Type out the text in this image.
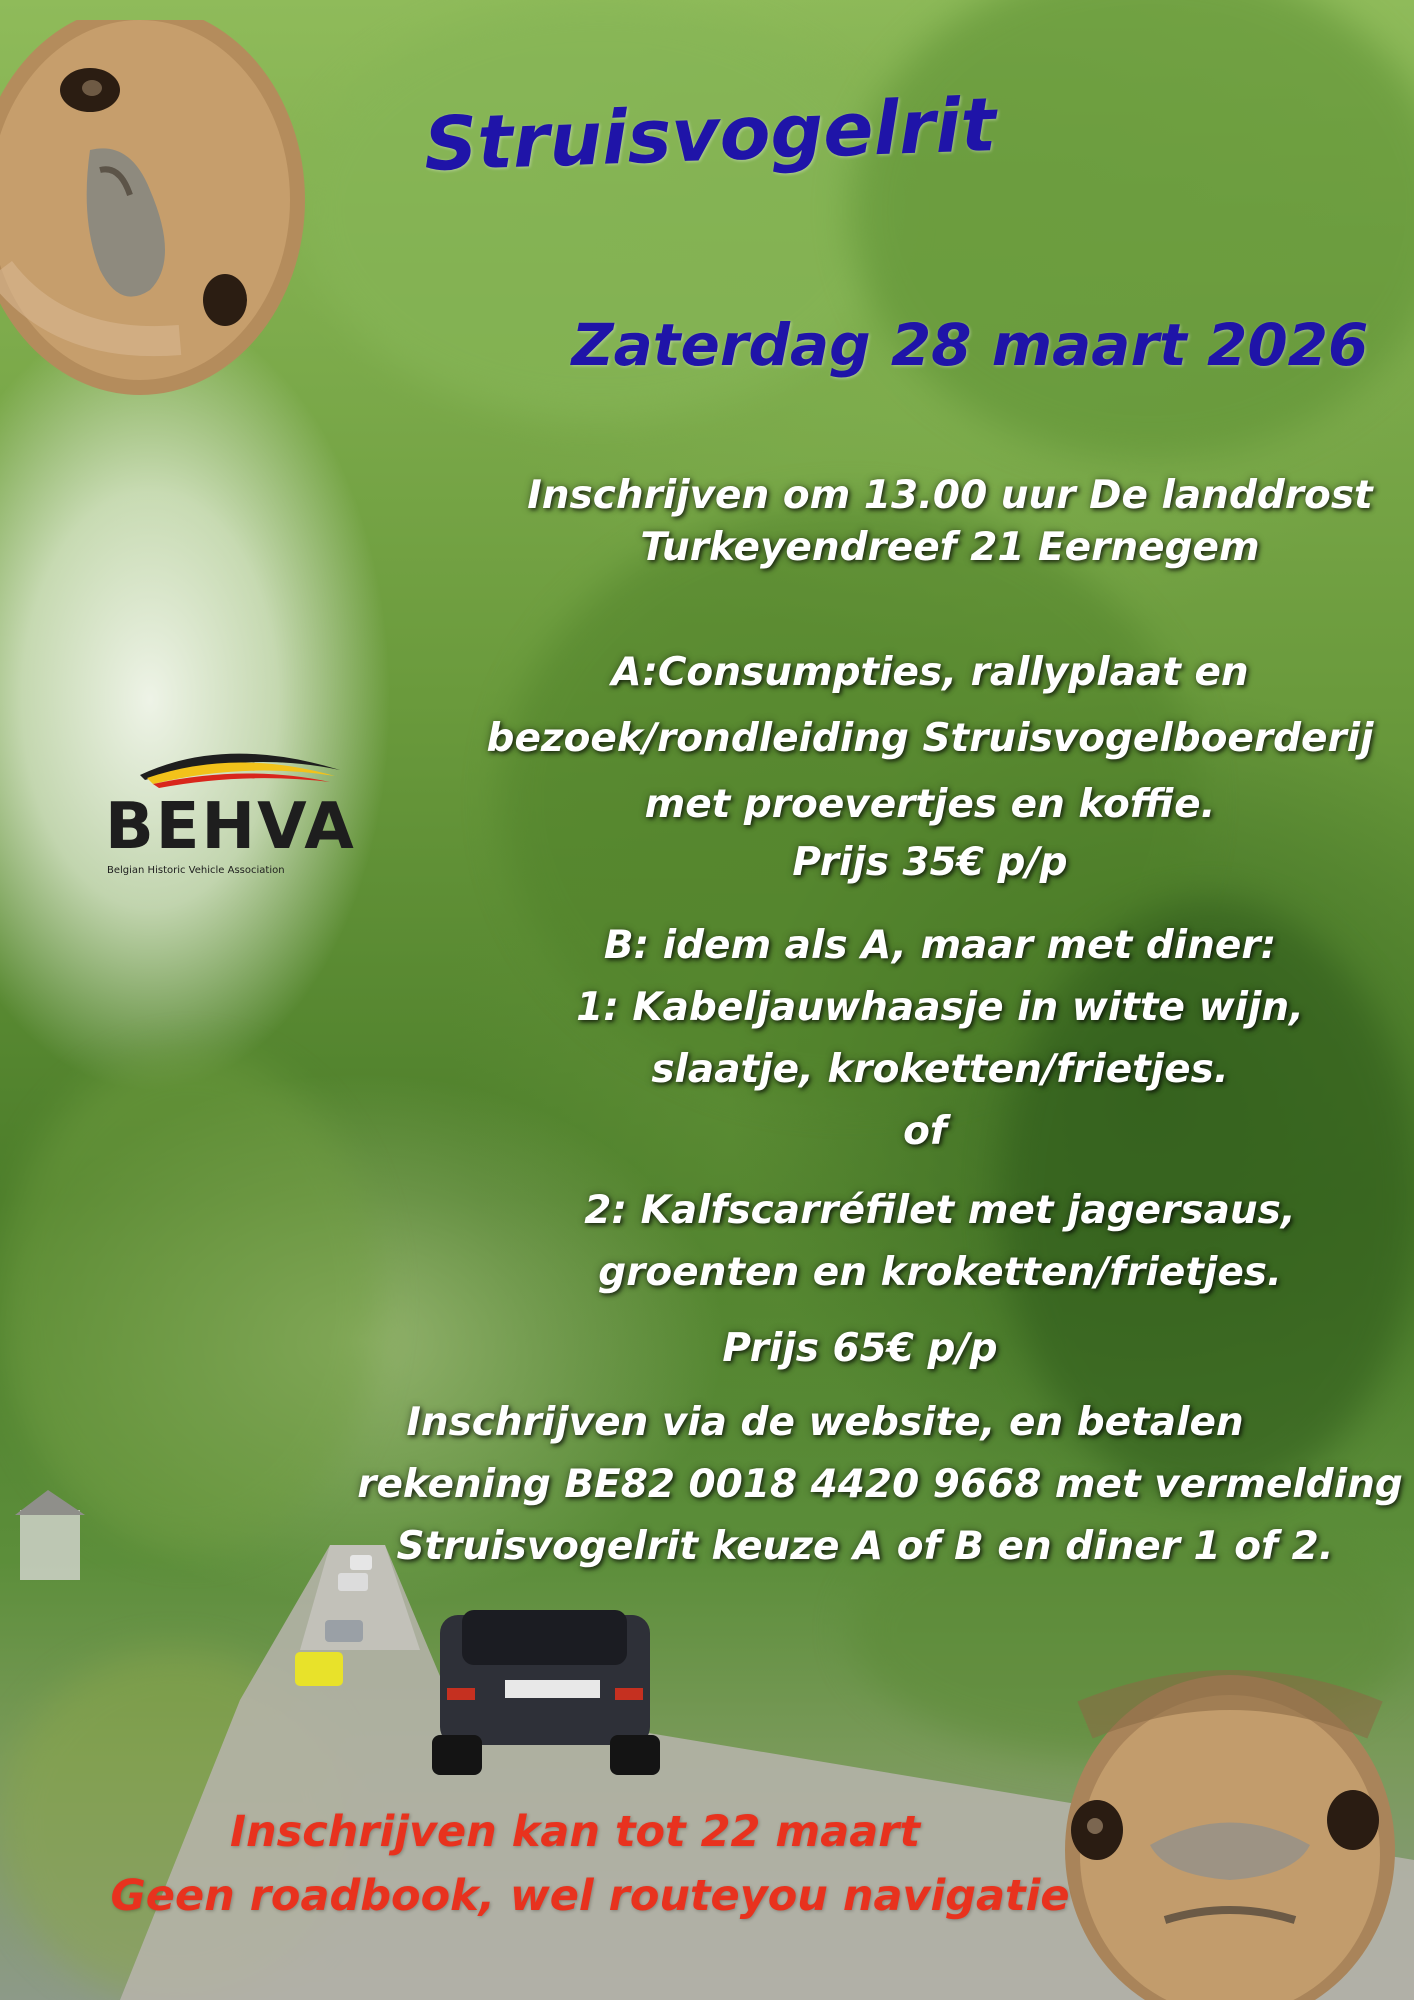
BEHVA
Belgian Historic Vehicle Association

Struisvogelrit

Zaterdag 28 maart 2026

Inschrijven om 13.00 uur De landdrost
Turkeyendreef 21 Eernegem
A:Consumpties, rallyplaat en
bezoek/rondleiding Struisvogelboerderij
met proevertjes en koffie.
Prijs 35€ p/p
B: idem als A, maar met diner:
1: Kabeljauwhaasje in witte wijn,
slaatje, kroketten/frietjes.
of
2: Kalfscarréfilet met jagersaus,
groenten en kroketten/frietjes.
Prijs 65€ p/p
Inschrijven via de website, en betalen
rekening BE82 0018 4420 9668 met vermelding
Struisvogelrit keuze A of B en diner 1 of 2.
Inschrijven kan tot 22 maart
Geen roadbook, wel routeyou navigatie
